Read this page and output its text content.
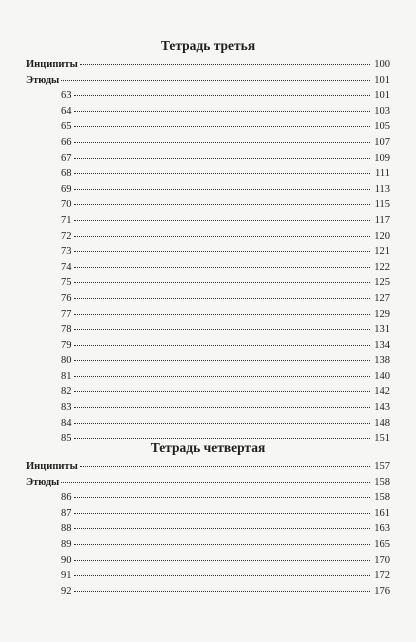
Тетрадь третья
Инципиты	100
Этюды	101
63	101
64	103
65	105
66	107
67	109
68	111
69	113
70	115
71	117
72	120
73	121
74	122
75	125
76	127
77	129
78	131
79	134
80	138
81	140
82	142
83	143
84	148
85	151
Тетрадь четвертая
Инципиты	157
Этюды	158
86	158
87	161
88	163
89	165
90	170
91	172
92	176
